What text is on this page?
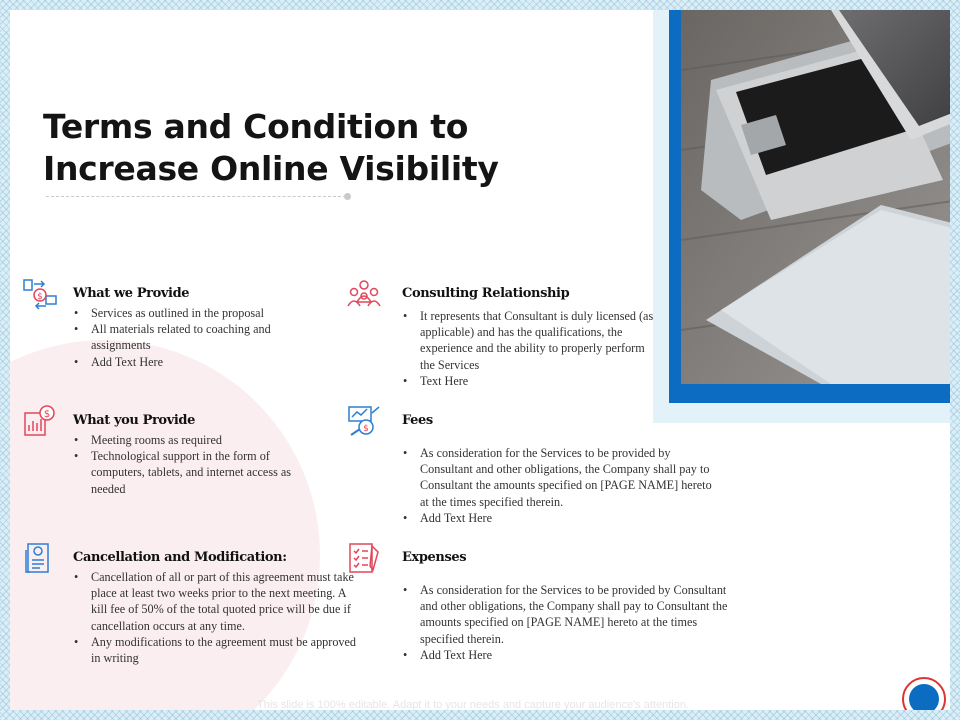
Terms and Condition to Increase Online Visibility
$ What we Provide
• Services as outlined in the proposal
• All materials related to coaching and assignments
• Add Text Here
Consulting Relationship
• It represents that Consultant is duly licensed (as applicable) and has the qualifications, the experience and the ability to properly perform the Services
• Text Here
$ What you Provide
• Meeting rooms as required
• Technological support in the form of computers, tablets, and internet access as needed
$
Fees
• As consideration for the Services to be provided by Consultant and other obligations, the Company shall pay to Consultant the amounts specified on [PAGE NAME] hereto at the times specified therein.
• Add Text Here
Cancellation and Modification:
• Cancellation of all or part of this agreement must take place at least two weeks prior to the next meeting. A kill fee of 50% of the total quoted price will be due if cancellation occurs at any time.
• Any modifications to the agreement must be approved in writing
Expenses
• As consideration for the Services to be provided by Consultant and other obligations, the Company shall pay to Consultant the amounts specified on [PAGE NAME] hereto at the times specified therein.
• Add Text Here
This slide is 100% editable. Adapt it to your needs and capture your audience's attention.
